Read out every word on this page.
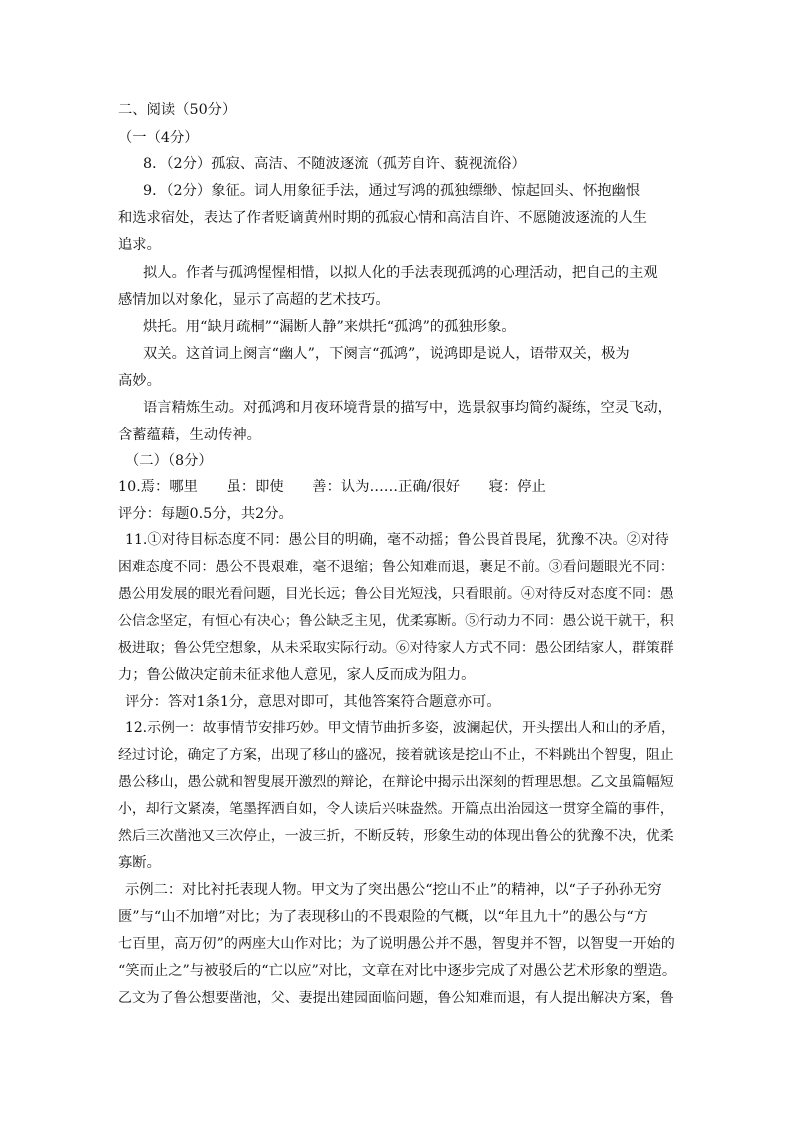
二、阅读（50分）
（一（4分）
8．（2分）孤寂、高洁、不随波逐流（孤芳自许、藐视流俗）
9．（2分）象征。词人用象征手法，通过写鸿的孤独缥缈、惊起回头、怀抱幽恨
和选求宿处，表达了作者贬谪黄州时期的孤寂心情和高洁自许、不愿随波逐流的人生
追求。
拟人。作者与孤鸿惺惺相惜，以拟人化的手法表现孤鸿的心理活动，把自己的主观
感情加以对象化，显示了高超的艺术技巧。
烘托。用“缺月疏桐”“漏断人静”来烘托“孤鸿”的孤独形象。
双关。这首词上阕言“幽人”，下阕言“孤鸿”，说鸿即是说人，语带双关，极为
高妙。
语言精炼生动。对孤鸿和月夜环境背景的描写中，选景叙事均简约凝练，空灵飞动，
含蓄蕴藉，生动传神。
（二）（8分）
10.焉：哪里　　虽：即使　　善：认为……正确/很好　　寝：停止
评分：每题0.5分，共2分。
11.①对待目标态度不同：愚公目的明确，毫不动摇；鲁公畏首畏尾，犹豫不决。②对待
困难态度不同：愚公不畏艰难，毫不退缩；鲁公知难而退，裹足不前。③看问题眼光不同：
愚公用发展的眼光看问题，目光长远；鲁公目光短浅，只看眼前。④对待反对态度不同：愚
公信念坚定，有恒心有决心；鲁公缺乏主见，优柔寡断。⑤行动力不同：愚公说干就干，积
极进取；鲁公凭空想象，从未采取实际行动。⑥对待家人方式不同：愚公团结家人，群策群
力；鲁公做决定前未征求他人意见，家人反而成为阻力。
评分：答对1条1分，意思对即可，其他答案符合题意亦可。
12.示例一：故事情节安排巧妙。甲文情节曲折多姿，波澜起伏，开头摆出人和山的矛盾，
经过讨论，确定了方案，出现了移山的盛况，接着就该是挖山不止，不料跳出个智叟，阻止
愚公移山，愚公就和智叟展开激烈的辩论，在辩论中揭示出深刻的哲理思想。乙文虽篇幅短
小，却行文紧凑，笔墨挥洒自如，令人读后兴味盎然。开篇点出治园这一贯穿全篇的事件，
然后三次凿池又三次停止，一波三折，不断反转，形象生动的体现出鲁公的犹豫不决，优柔
寡断。
示例二：对比衬托表现人物。甲文为了突出愚公“挖山不止”的精神，以“子子孙孙无穷
匮”与“山不加增”对比；为了表现移山的不畏艰险的气概，以“年且九十”的愚公与“方
七百里，高万仞”的两座大山作对比；为了说明愚公并不愚，智叟并不智，以智叟一开始的
“笑而止之”与被驳后的“亡以应”对比，文章在对比中逐步完成了对愚公艺术形象的塑造。
乙文为了鲁公想要凿池，父、妻提出建园面临问题，鲁公知难而退，有人提出解决方案，鲁
